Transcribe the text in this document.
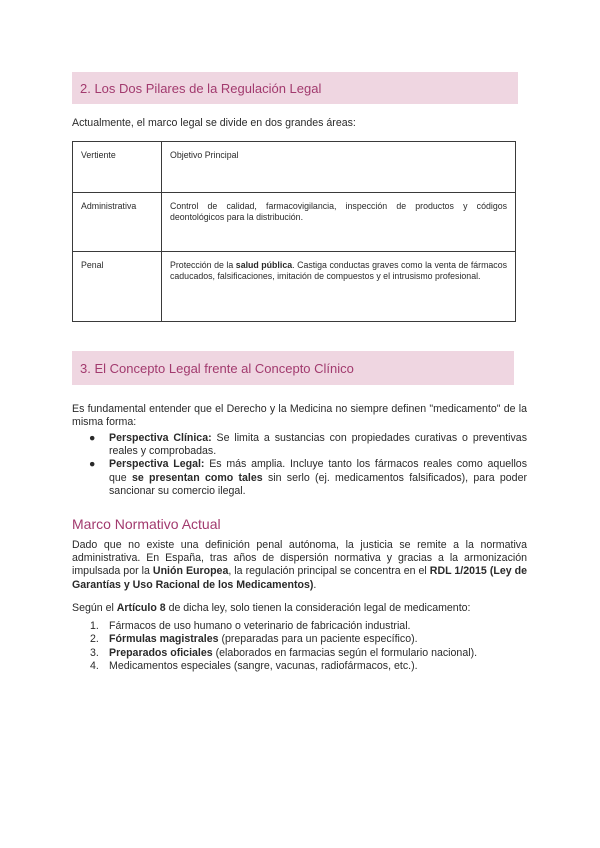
2. Los Dos Pilares de la Regulación Legal
Actualmente, el marco legal se divide en dos grandes áreas:
Vertiente	Objetivo Principal
Administrativa	Control de calidad, farmacovigilancia, inspección de productos y códigos deontológicos para la distribución.
Penal	Protección de la salud pública. Castiga conductas graves como la venta de fármacos caducados, falsificaciones, imitación de compuestos y el intrusismo profesional.
3. El Concepto Legal frente al Concepto Clínico
Es fundamental entender que el Derecho y la Medicina no siempre definen "medicamento" de la misma forma:
● Perspectiva Clínica: Se limita a sustancias con propiedades curativas o preventivas reales y comprobadas.
● Perspectiva Legal: Es más amplia. Incluye tanto los fármacos reales como aquellos que se presentan como tales sin serlo (ej. medicamentos falsificados), para poder sancionar su comercio ilegal.
Marco Normativo Actual
Dado que no existe una definición penal autónoma, la justicia se remite a la normativa administrativa. En España, tras años de dispersión normativa y gracias a la armonización impulsada por la Unión Europea, la regulación principal se concentra en el RDL 1/2015 (Ley de Garantías y Uso Racional de los Medicamentos).
Según el Artículo 8 de dicha ley, solo tienen la consideración legal de medicamento:
1. Fármacos de uso humano o veterinario de fabricación industrial.
2. Fórmulas magistrales (preparadas para un paciente específico).
3. Preparados oficiales (elaborados en farmacias según el formulario nacional).
4. Medicamentos especiales (sangre, vacunas, radiofármacos, etc.).
